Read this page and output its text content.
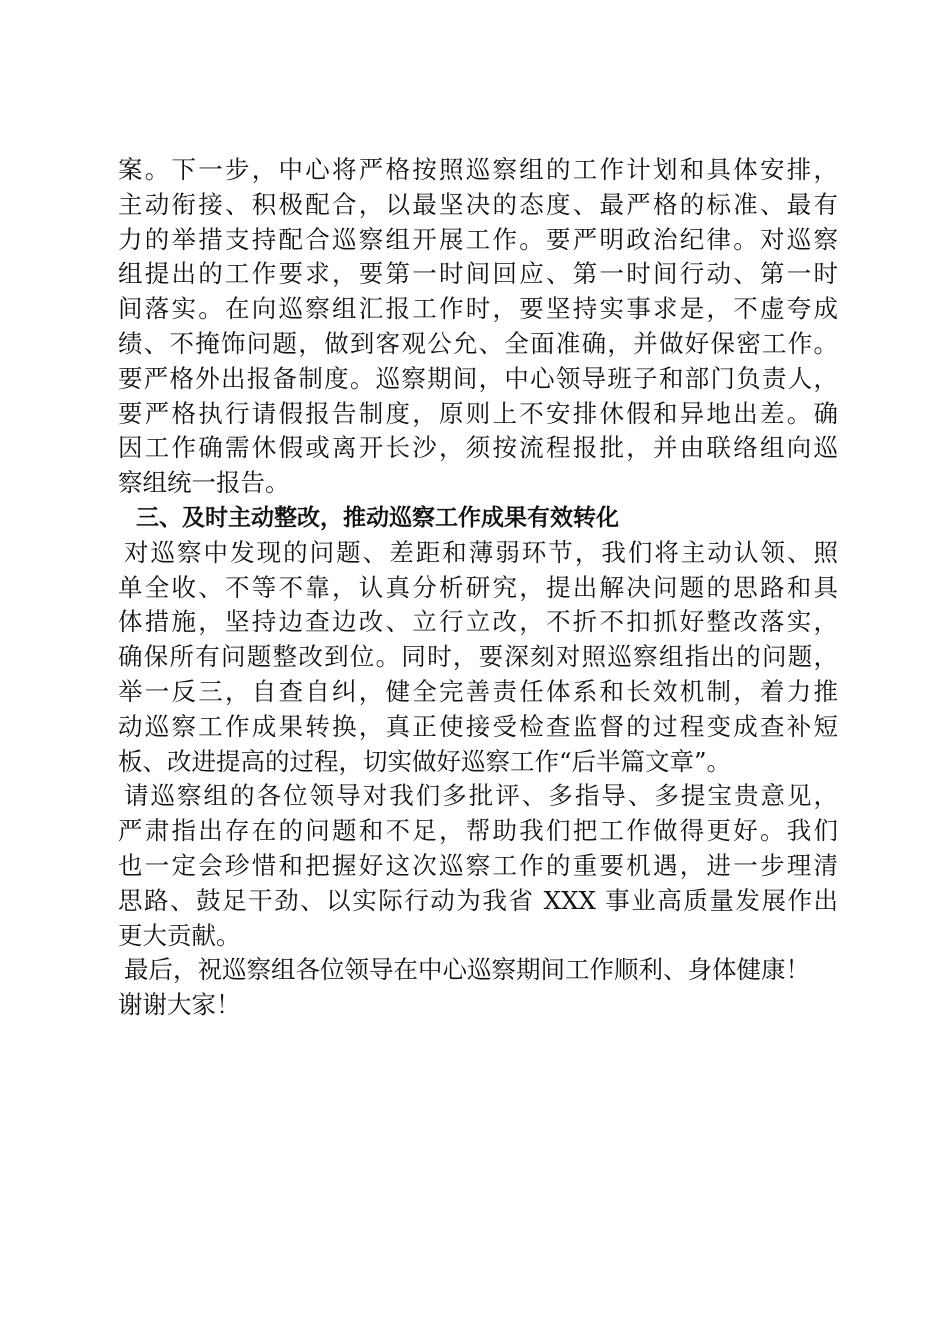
案。下一步，中心将严格按照巡察组的工作计划和具体安排，
主动衔接、积极配合，以最坚决的态度、最严格的标准、最有
力的举措支持配合巡察组开展工作。要严明政治纪律。对巡察
组提出的工作要求，要第一时间回应、第一时间行动、第一时
间落实。在向巡察组汇报工作时，要坚持实事求是，不虚夸成
绩、不掩饰问题，做到客观公允、全面准确，并做好保密工作。
要严格外出报备制度。巡察期间，中心领导班子和部门负责人，
要严格执行请假报告制度，原则上不安排休假和异地出差。确
因工作确需休假或离开长沙，须按流程报批，并由联络组向巡
察组统一报告。
三、及时主动整改，推动巡察工作成果有效转化
对巡察中发现的问题、差距和薄弱环节，我们将主动认领、照
单全收、不等不靠，认真分析研究，提出解决问题的思路和具
体措施，坚持边查边改、立行立改，不折不扣抓好整改落实，
确保所有问题整改到位。同时，要深刻对照巡察组指出的问题，
举一反三，自查自纠，健全完善责任体系和长效机制，着力推
动巡察工作成果转换，真正使接受检查监督的过程变成查补短
板、改进提高的过程，切实做好巡察工作“后半篇文章”。
请巡察组的各位领导对我们多批评、多指导、多提宝贵意见，
严肃指出存在的问题和不足，帮助我们把工作做得更好。我们
也一定会珍惜和把握好这次巡察工作的重要机遇，进一步理清
思路、鼓足干劲、以实际行动为我省 XXX 事业高质量发展作出
更大贡献。
最后，祝巡察组各位领导在中心巡察期间工作顺利、身体健康！
谢谢大家！
